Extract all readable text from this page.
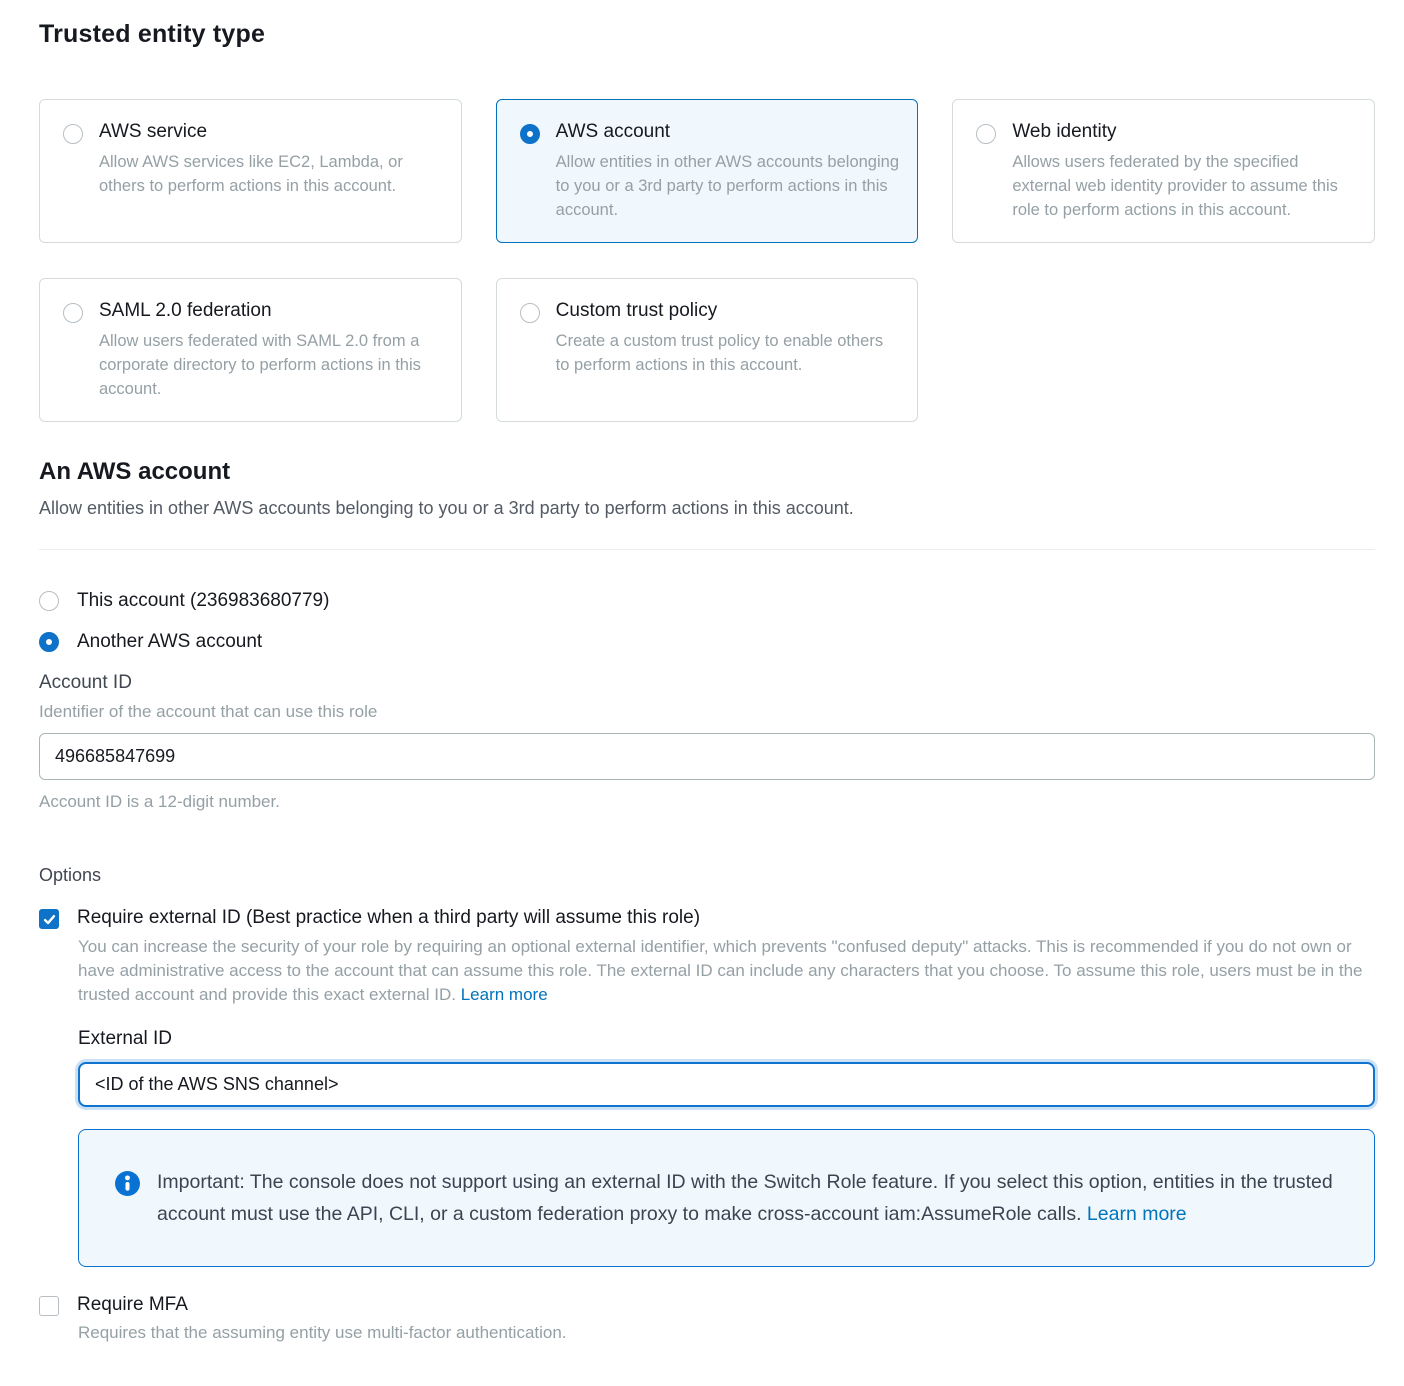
Trusted entity type
AWS service
Allow AWS services like EC2, Lambda, or others to perform actions in this account.
AWS account
Allow entities in other AWS accounts belonging to you or a 3rd party to perform actions in this account.
Web identity
Allows users federated by the specified external web identity provider to assume this role to perform actions in this account.
SAML 2.0 federation
Allow users federated with SAML 2.0 from a corporate directory to perform actions in this account.
Custom trust policy
Create a custom trust policy to enable others to perform actions in this account.
An AWS account

Allow entities in other AWS accounts belonging to you or a 3rd party to perform actions in this account.

This account (236983680779)
Another AWS account
Account ID
Identifier of the account that can use this role
496685847699
Account ID is a 12-digit number.
Options
Require external ID (Best practice when a third party will assume this role)

You can increase the security of your role by requiring an optional external identifier, which prevents "confused deputy" attacks. This is recommended if you do not own or have administrative access to the account that can assume this role. The external ID can include any characters that you choose. To assume this role, users must be in the trusted account and provide this exact external ID. Learn more

External ID
<ID of the AWS SNS channel>
Important: The console does not support using an external ID with the Switch Role feature. If you select this option, entities in the trusted account must use the API, CLI, or a custom federation proxy to make cross-account iam:AssumeRole calls. Learn more
Require MFA

Requires that the assuming entity use multi-factor authentication.
